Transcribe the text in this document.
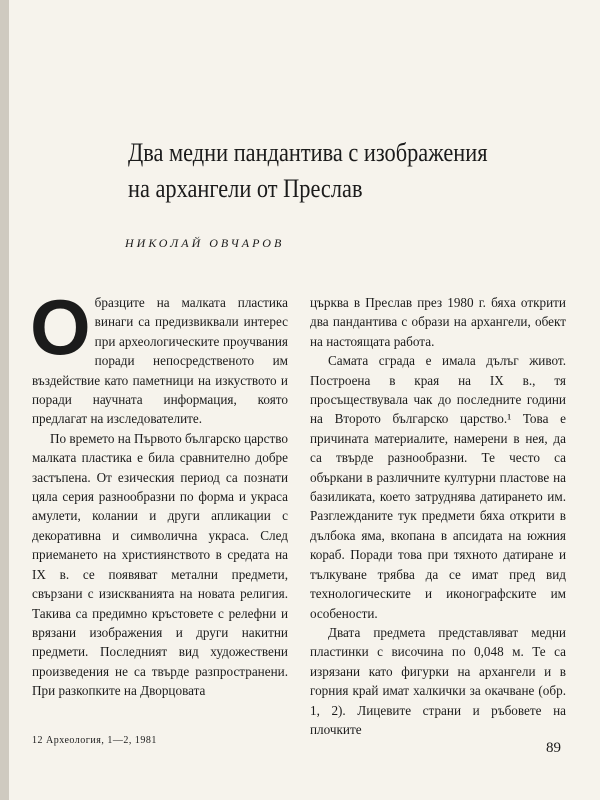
Два медни пандантива с изображения
на архангели от Преслав
НИКОЛАЙ ОВЧАРОВ

Образците на малката пластика винаги са предизвиквали интерес при археологическите проучвания поради непосредственото им въздействие като паметници на изкуството и поради научната информация, която предлагат на изследователите.

По времето на Първото българско царство малката пластика е била сравнително добре застъпена. От езическия период са познати цяла серия разнообразни по форма и украса амулети, колании и други апликации с декоративна и символична украса. След приемането на християнството в средата на IX в. се появяват метални предмети, свързани с изискванията на новата религия. Такива са предимно кръстовете с релефни и врязани изображения и други накитни предмети. Последният вид художествени произведения не са твърде разпространени. При разкопките на Дворцовата

църква в Преслав през 1980 г. бяха открити два пандантива с образи на архангели, обект на настоящата работа.

Самата сграда е имала дълъг живот. Построена в края на IX в., тя просъществувала чак до последните години на Второто българско царство.¹ Това е причината материалите, намерени в нея, да са твърде разнообразни. Те често са объркани в различните културни пластове на базиликата, което затруднява датирането им. Разглежданите тук предмети бяха открити в дълбока яма, вкопана в апсидата на южния кораб. Поради това при тяхното датиране и тълкуване трябва да се имат пред вид технологическите и иконографските им особености.

Двата предмета представляват медни пластинки с височина по 0,048 м. Те са изрязани като фигурки на архангели и в горния край имат халкички за окачване (обр. 1, 2). Лицевите страни и ръбовете на плочките

12 Археология, 1—2, 1981	89
